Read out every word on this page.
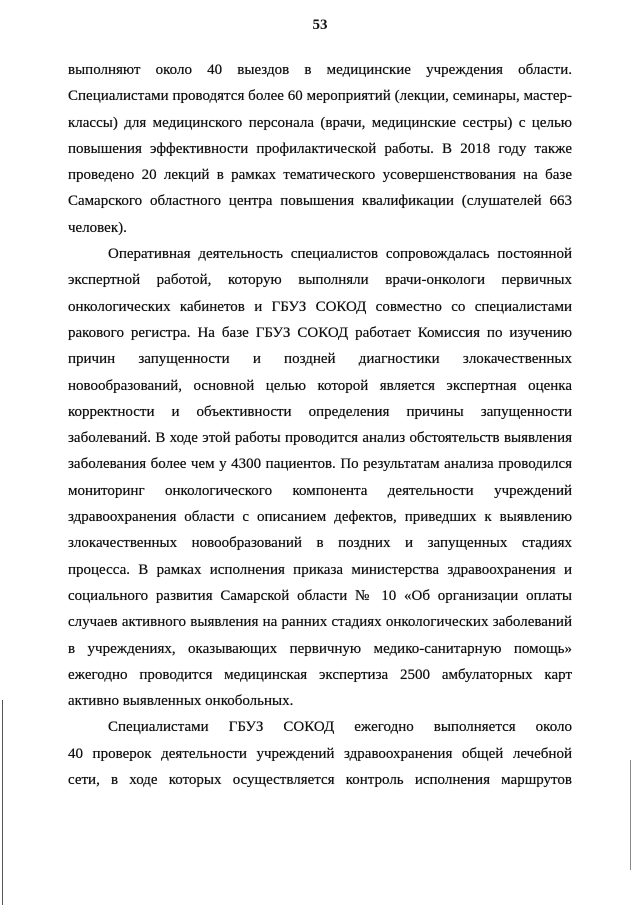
53
выполняют около 40 выездов в медицинские учреждения области.
Специалистами проводятся более 60 мероприятий (лекции, семинары, мастер-
классы) для медицинского персонала (врачи, медицинские сестры) с целью
повышения эффективности профилактической работы. В 2018 году также
проведено 20 лекций в рамках тематического усовершенствования на базе
Самарского областного центра повышения квалификации (слушателей 663
человек).
Оперативная деятельность специалистов сопровождалась постоянной
экспертной работой, которую выполняли врачи-онкологи первичных
онкологических кабинетов и ГБУЗ СОКОД совместно со специалистами
ракового регистра. На базе ГБУЗ СОКОД работает Комиссия по изучению
причин запущенности и поздней диагностики злокачественных
новообразований, основной целью которой является экспертная оценка
корректности и объективности определения причины запущенности
заболеваний. В ходе этой работы проводится анализ обстоятельств выявления
заболевания более чем у 4300 пациентов. По результатам анализа проводился
мониторинг онкологического компонента деятельности учреждений
здравоохранения области с описанием дефектов, приведших к выявлению
злокачественных новообразований в поздних и запущенных стадиях
процесса. В рамках исполнения приказа министерства здравоохранения и
социального развития Самарской области № 10 «Об организации оплаты
случаев активного выявления на ранних стадиях онкологических заболеваний
в учреждениях, оказывающих первичную медико-санитарную помощь»
ежегодно проводится медицинская экспертиза 2500 амбулаторных карт
активно выявленных онкобольных.
Специалистами ГБУЗ СОКОД ежегодно выполняется около
40 проверок деятельности учреждений здравоохранения общей лечебной
сети, в ходе которых осуществляется контроль исполнения маршрутов
